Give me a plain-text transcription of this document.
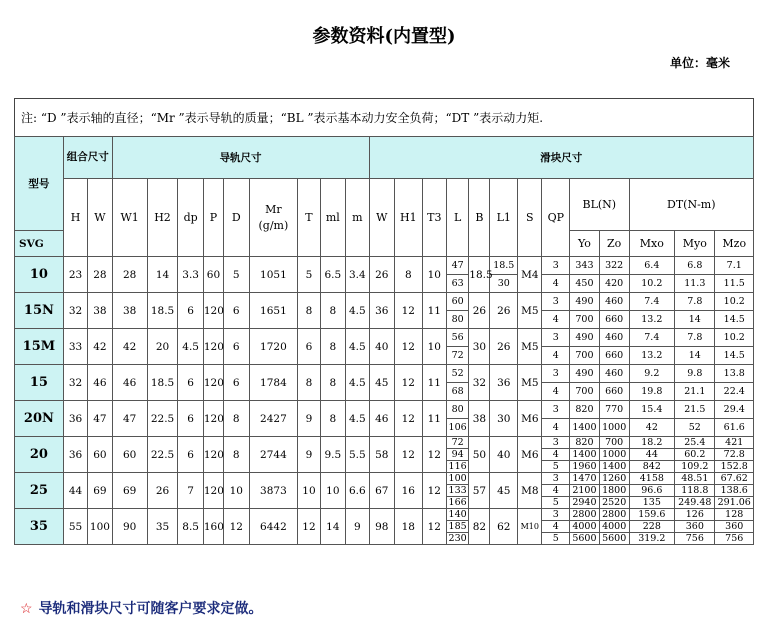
参数资料(内置型)
单位：毫米
注: “D ”表示轴的直径；“Mr ”表示导轨的质量；“BL ”表示基本动力安全负荷；“DT ”表示动力矩.
型号	组合尺寸		导轨尺寸									滑块尺寸												
	H	W	W1	H2	dp	P	D	Mr (g/m)	T	ml	m	W	H1	T3	L	B	L1	S	QP	BL(N)		DT(N-m)		
SVG																				Yo	Zo	Mxo	Myo	Mzo
10	23	28	28	14	3.3	60	5	1051	5	6.5	3.4	26	8	10	47	18.5	18.5	M4	3	343	322	6.4	6.8	7.1
															63		30		4	450	420	10.2	11.3	11.5
15N	32	38	38	18.5	6	120	6	1651	8	8	4.5	36	12	11	60	26	26	M5	3	490	460	7.4	7.8	10.2
															80				4	700	660	13.2	14	14.5
15M	33	42	42	20	4.5	120	6	1720	6	8	4.5	40	12	10	56	30	26	M5	3	490	460	7.4	7.8	10.2
															72				4	700	660	13.2	14	14.5
15	32	46	46	18.5	6	120	6	1784	8	8	4.5	45	12	11	52	32	36	M5	3	490	460	9.2	9.8	13.8
															68				4	700	660	19.8	21.1	22.4
20N	36	47	47	22.5	6	120	8	2427	9	8	4.5	46	12	11	80	38	30	M6	3	820	770	15.4	21.5	29.4
															106				4	1400	1000	42	52	61.6
20	36	60	60	22.5	6	120	8	2744	9	9.5	5.5	58	12	12	72	50	40	M6	3	820	700	18.2	25.4	421
															94				4	1400	1000	44	60.2	72.8
															116				5	1960	1400	842	109.2	152.8
25	44	69	69	26	7	120	10	3873	10	10	6.6	67	16	12	100	57	45	M8	3	1470	1260	4158	48.51	67.62
															133				4	2100	1800	96.6	118.8	138.6
															166				5	2940	2520	135	249.48	291.06
35	55	100	90	35	8.5	160	12	6442	12	14	9	98	18	12	140	82	62	M10	3	2800	2800	159.6	126	128
															185				4	4000	4000	228	360	360
															230				5	5600	5600	319.2	756	756
☆ 导轨和滑块尺寸可随客户要求定做。
